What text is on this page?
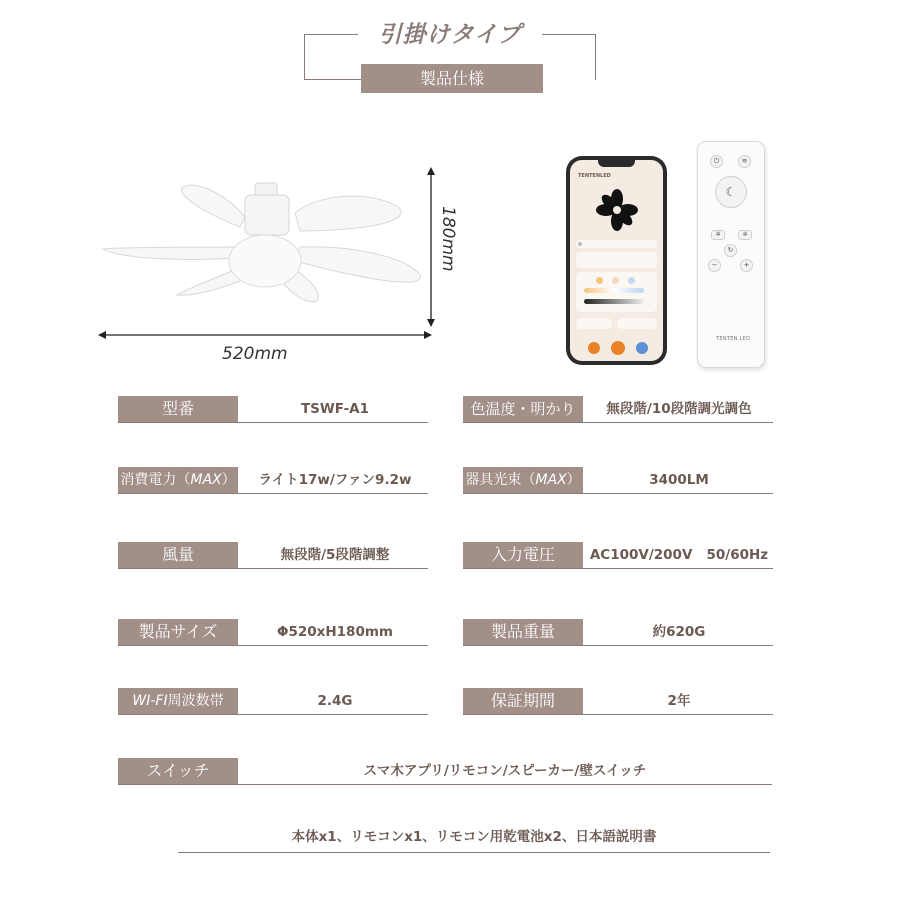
引掛けタイプ
製品仕様
520mm
180mm
TENTENLED
⏻	≋
☾
✲	✲
↻
−	+
TENTEN LED
型番	TSWF-A1
消費電力（MAX）	ライト17w/ファン9.2w
風量	無段階/5段階調整
製品サイズ	Φ520xH180mm
WI-FI周波数帯	2.4G
スイッチ	スマ木アプリ/リモコン/スピーカー/壁スイッチ
色温度・明かり	無段階/10段階調光調色
器具光束（MAX）	3400LM
入力電圧	AC100V/200V   50/60Hz
製品重量	約620G
保証期間	2年
本体x1、リモコンx1、リモコン用乾電池x2、日本語説明書
